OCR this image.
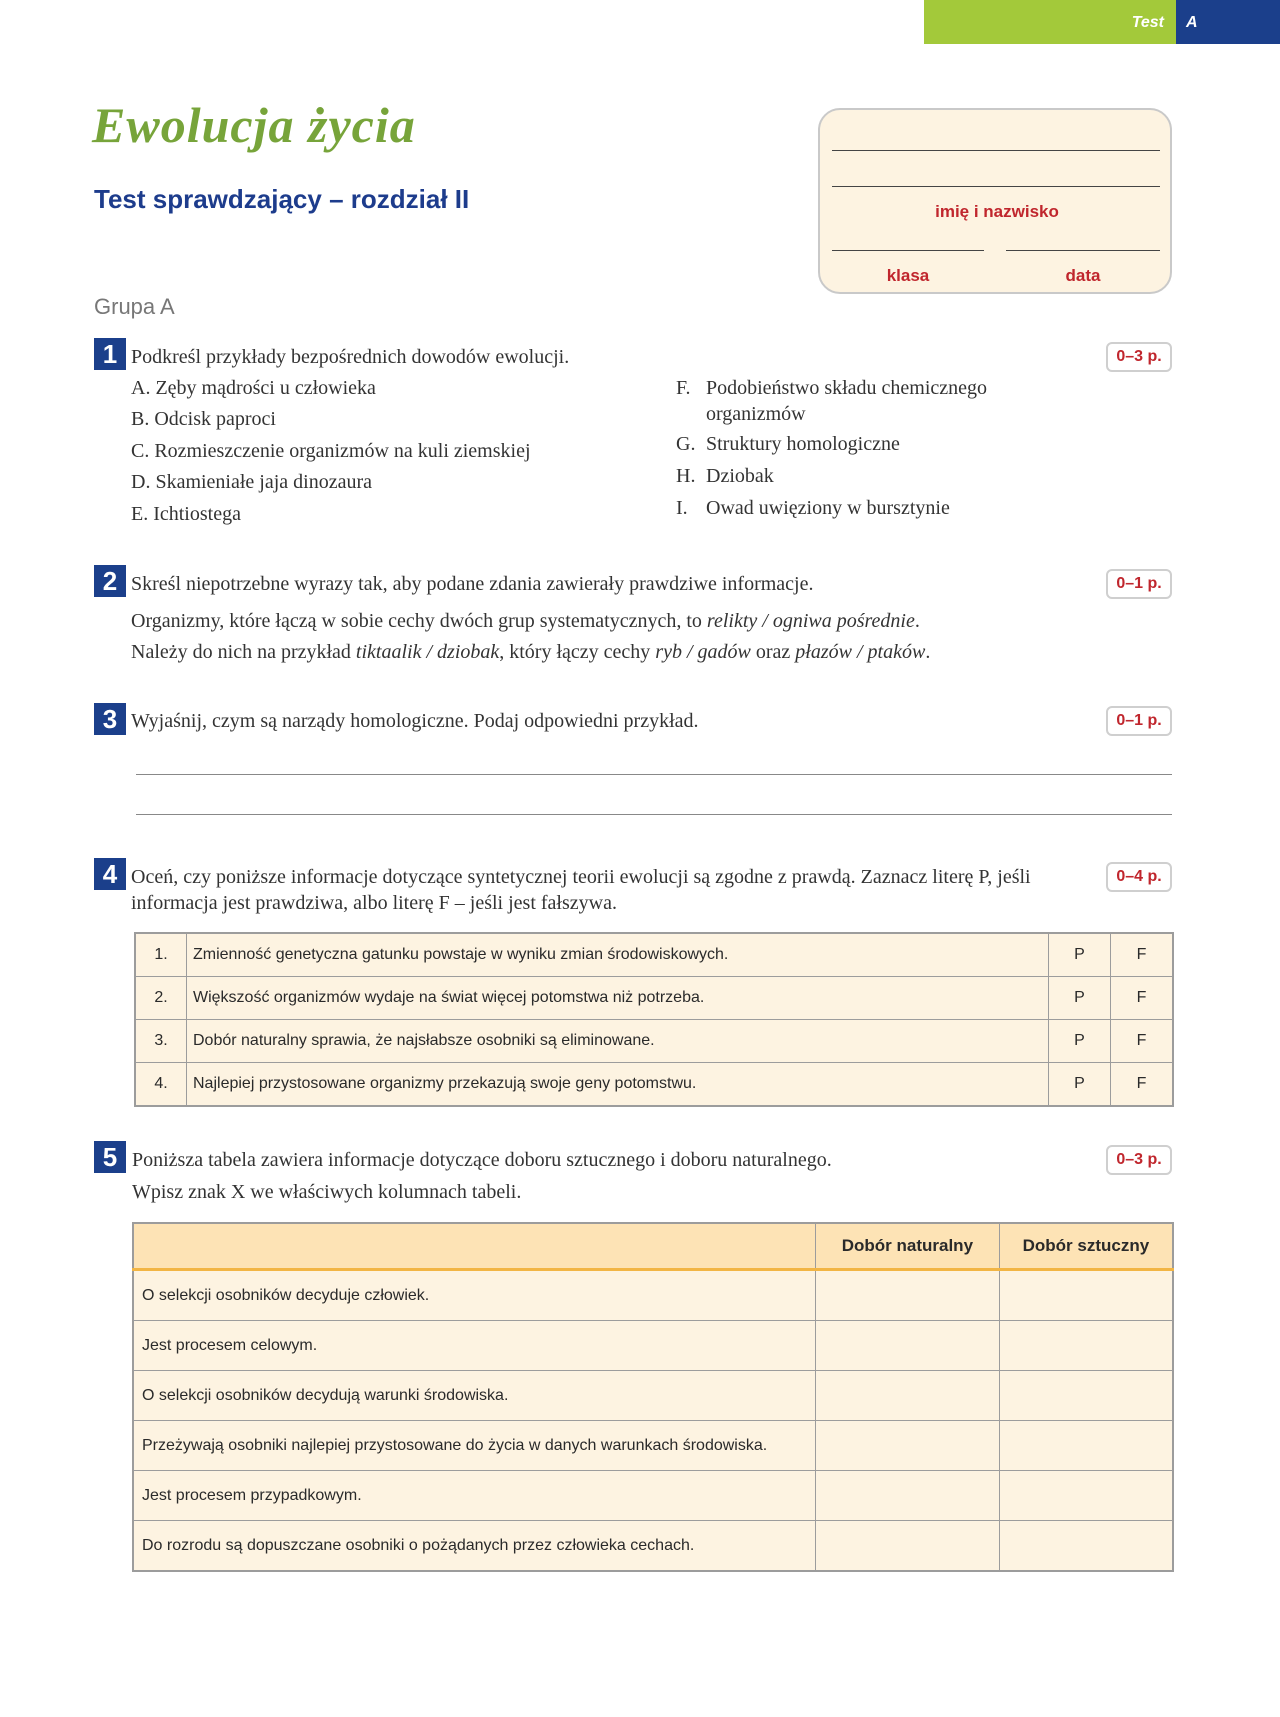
Test A
Ewolucja życia
Test sprawdzający – rozdział II	imię i nazwisko
klasa	data
Grupa A
1 Podkreśl przykłady bezpośrednich dowodów ewolucji.	0–3 p.
A. Zęby mądrości u człowieka
B. Odcisk paproci
C. Rozmieszczenie organizmów na kuli ziemskiej
D. Skamieniałe jaja dinozaura
E. Ichtiostega
F. Podobieństwo składu chemicznego organizmów
G. Struktury homologiczne
H. Dziobak
I. Owad uwięziony w bursztynie
2 Skreśl niepotrzebne wyrazy tak, aby podane zdania zawierały prawdziwe informacje.	0–1 p.
Organizmy, które łączą w sobie cechy dwóch grup systematycznych, to relikty / ogniwa pośrednie.
Należy do nich na przykład tiktaalik / dziobak, który łączy cechy ryb / gadów oraz płazów / ptaków.
3 Wyjaśnij, czym są narządy homologiczne. Podaj odpowiedni przykład.	0–1 p.
4 Oceń, czy poniższe informacje dotyczące syntetycznej teorii ewolucji są zgodne z prawdą. Zaznacz literę P, jeśli informacja jest prawdziwa, albo literę F – jeśli jest fałszywa.
0–4 p.
1.	Zmienność genetyczna gatunku powstaje w wyniku zmian środowiskowych.	P	F
2.	Większość organizmów wydaje na świat więcej potomstwa niż potrzeba.	P	F
3.	Dobór naturalny sprawia, że najsłabsze osobniki są eliminowane.	P	F
4.	Najlepiej przystosowane organizmy przekazują swoje geny potomstwu.	P	F
5 Poniższa tabela zawiera informacje dotyczące doboru sztucznego i doboru naturalnego.
Wpisz znak X we właściwych kolumnach tabeli.
0–3 p.
	Dobór naturalny	Dobór sztuczny
O selekcji osobników decyduje człowiek.		
Jest procesem celowym.		
O selekcji osobników decydują warunki środowiska.		
Przeżywają osobniki najlepiej przystosowane do życia w danych warunkach środowiska.		
Jest procesem przypadkowym.		
Do rozrodu są dopuszczane osobniki o pożądanych przez człowieka cechach.		
